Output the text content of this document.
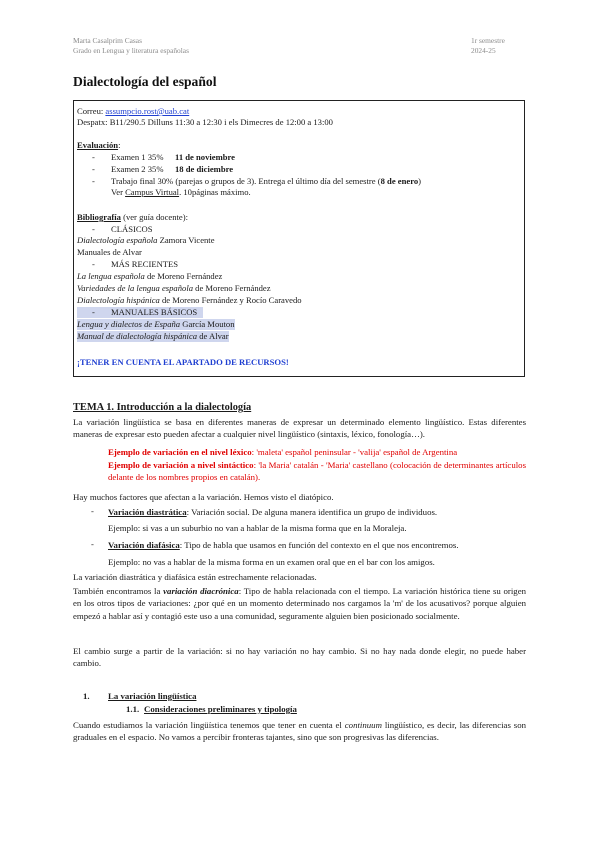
Marta Casalprim Casas
Grado en Lengua y literatura españolas
1r semestre
2024-25
Dialectología del español
Correu: assumpcio.rost@uab.cat
Despatx: B11/290.5 Dilluns 11:30 a 12:30 i els Dimecres de 12:00 a 13:00
Evaluación:
- Examen 1 35% 11 de noviembre
- Examen 2 35% 18 de diciembre
- Trabajo final 30% (parejas o grupos de 3). Entrega el último día del semestre (8 de enero)
Ver Campus Virtual. 10páginas máximo.
Bibliografía (ver guía docente):
- CLÁSICOS
Dialectología española Zamora Vicente
Manuales de Alvar
- MÁS RECIENTES
La lengua española de Moreno Fernández
Variedades de la lengua española de Moreno Fernández
Dialectología hispánica de Moreno Fernández y Rocío Caravedo
- MANUALES BÁSICOS
Lengua y dialectos de España García Mouton
Manual de dialectología hispánica de Alvar
¡TENER EN CUENTA EL APARTADO DE RECURSOS!
TEMA 1. Introducción a la dialectología
La variación lingüística se basa en diferentes maneras de expresar un determinado elemento lingüístico. Estas diferentes maneras de expresar esto pueden afectar a cualquier nivel lingüístico (sintaxis, léxico, fonología…).
Ejemplo de variación en el nivel léxico: 'maleta' español peninsular - 'valija' español de Argentina
Ejemplo de variación a nivel sintáctico: 'la Maria' catalán - 'Maria' castellano (colocación de determinantes artículos delante de los nombres propios en catalán).
Hay muchos factores que afectan a la variación. Hemos visto el diatópico.
- Variación diastrática: Variación social. De alguna manera identifica un grupo de individuos.
Ejemplo: si vas a un suburbio no van a hablar de la misma forma que en la Moraleja.
- Variación diafásica: Tipo de habla que usamos en función del contexto en el que nos encontremos.
Ejemplo: no vas a hablar de la misma forma en un examen oral que en el bar con los amigos.
La variación diastrática y diafásica están estrechamente relacionadas.
También encontramos la variación diacrónica: Tipo de habla relacionada con el tiempo. La variación histórica tiene su origen en los otros tipos de variaciones: ¿por qué en un momento determinado nos cargamos la 'm' de los acusativos? porque alguien empezó a hablar así y contagió este uso a una comunidad, seguramente alguien bien posicionado socialmente.
El cambio surge a partir de la variación: si no hay variación no hay cambio. Si no hay nada donde elegir, no puede haber cambio.
1. La variación lingüística
1.1. Consideraciones preliminares y tipología
Cuando estudiamos la variación lingüística tenemos que tener en cuenta el continuum lingüístico, es decir, las diferencias son graduales en el espacio. No vamos a percibir fronteras tajantes, sino que son progresivas las diferencias.
